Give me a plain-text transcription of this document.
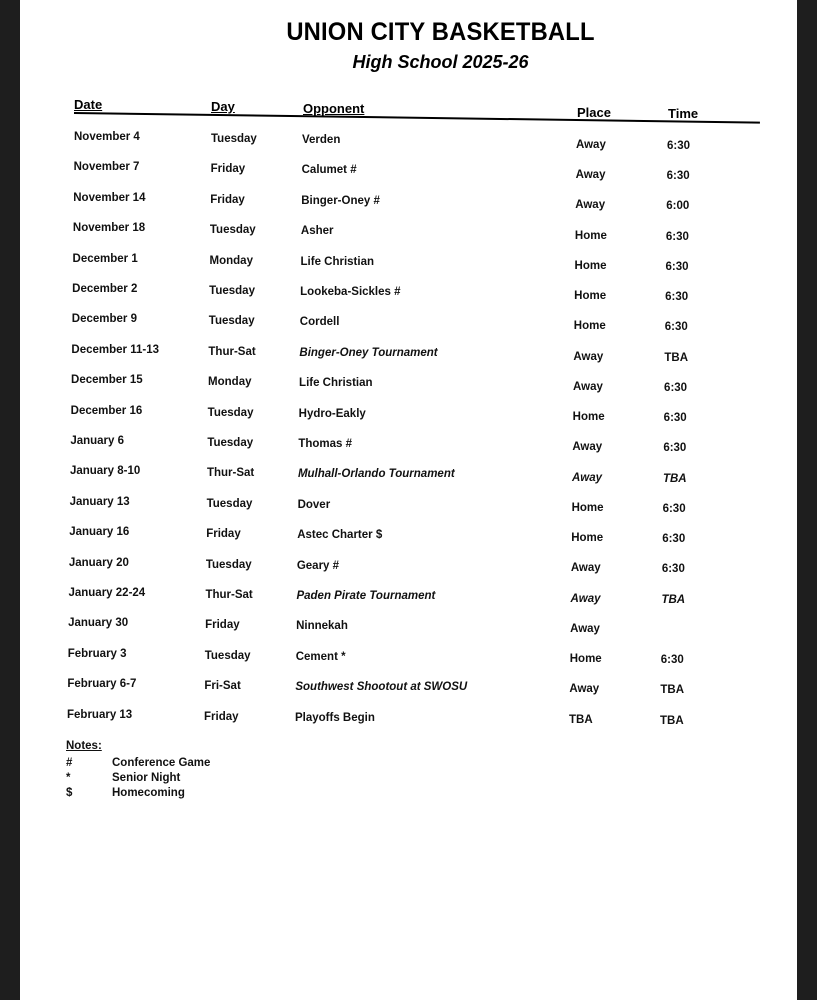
UNION CITY BASKETBALL
High School 2025-26
Date	Day	Opponent	Place	Time
November 4	Tuesday	Verden	Away	6:30
November 7	Friday	Calumet #	Away	6:30
November 14	Friday	Binger-Oney #	Away	6:00
November 18	Tuesday	Asher	Home	6:30
December 1	Monday	Life Christian	Home	6:30
December 2	Tuesday	Lookeba-Sickles #	Home	6:30
December 9	Tuesday	Cordell	Home	6:30
December 11-13	Thur-Sat	Binger-Oney Tournament	Away	TBA
December 15	Monday	Life Christian	Away	6:30
December 16	Tuesday	Hydro-Eakly	Home	6:30
January 6	Tuesday	Thomas #	Away	6:30
January 8-10	Thur-Sat	Mulhall-Orlando Tournament	Away	TBA
January 13	Tuesday	Dover	Home	6:30
January 16	Friday	Astec Charter $	Home	6:30
January 20	Tuesday	Geary #	Away	6:30
January 22-24	Thur-Sat	Paden Pirate Tournament	Away	TBA
January 30	Friday	Ninnekah	Away
February 3	Tuesday	Cement *	Home	6:30
February 6-7	Fri-Sat	Southwest Shootout at SWOSU	Away	TBA
February 13	Friday	Playoffs Begin	TBA	TBA
Notes:
#	Conference Game
*	Senior Night
$	Homecoming
